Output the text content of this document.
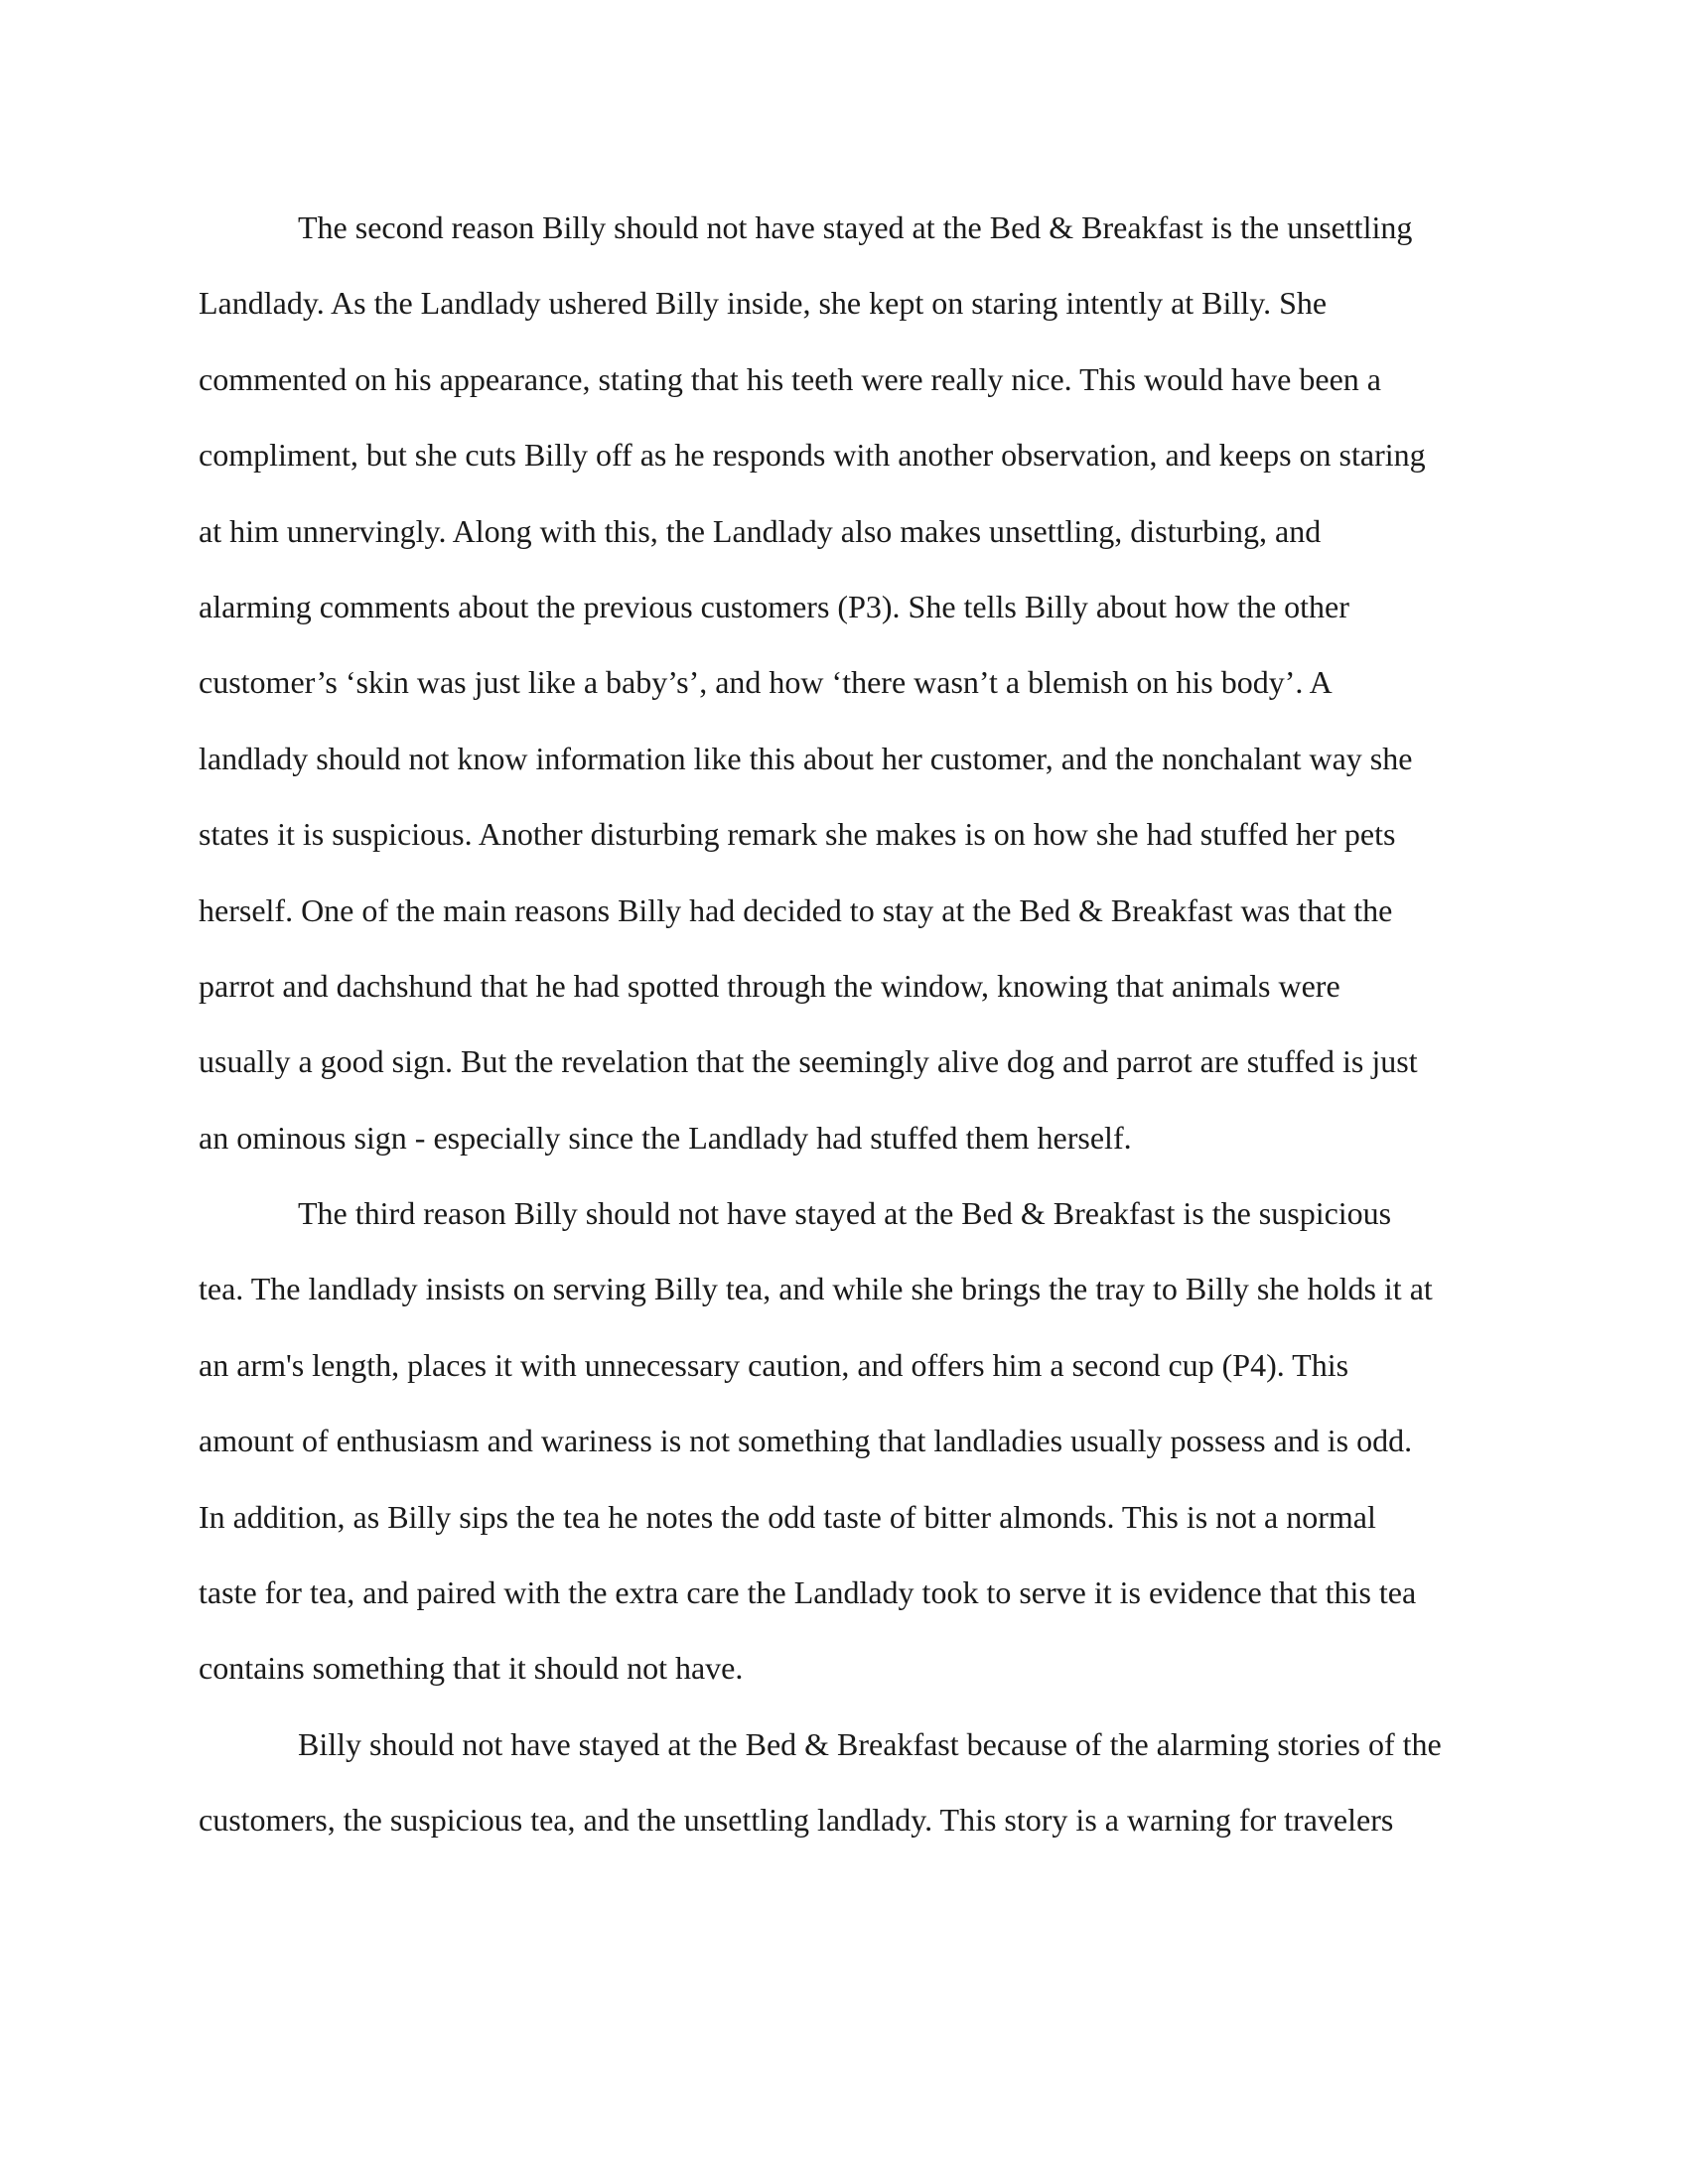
The second reason Billy should not have stayed at the Bed & Breakfast is the unsettling
Landlady. As the Landlady ushered Billy inside, she kept on staring intently at Billy. She
commented on his appearance, stating that his teeth were really nice. This would have been a
compliment, but she cuts Billy off as he responds with another observation, and keeps on staring
at him unnervingly. Along with this, the Landlady also makes unsettling, disturbing, and
alarming comments about the previous customers (P3). She tells Billy about how the other
customer’s ‘skin was just like a baby’s’, and how ‘there wasn’t a blemish on his body’. A
landlady should not know information like this about her customer, and the nonchalant way she
states it is suspicious. Another disturbing remark she makes is on how she had stuffed her pets
herself. One of the main reasons Billy had decided to stay at the Bed & Breakfast was that the
parrot and dachshund that he had spotted through the window, knowing that animals were
usually a good sign. But the revelation that the seemingly alive dog and parrot are stuffed is just
an ominous sign - especially since the Landlady had stuffed them herself.
The third reason Billy should not have stayed at the Bed & Breakfast is the suspicious
tea. The landlady insists on serving Billy tea, and while she brings the tray to Billy she holds it at
an arm's length, places it with unnecessary caution, and offers him a second cup (P4). This
amount of enthusiasm and wariness is not something that landladies usually possess and is odd.
In addition, as Billy sips the tea he notes the odd taste of bitter almonds. This is not a normal
taste for tea, and paired with the extra care the Landlady took to serve it is evidence that this tea
contains something that it should not have.
Billy should not have stayed at the Bed & Breakfast because of the alarming stories of the
customers, the suspicious tea, and the unsettling landlady. This story is a warning for travelers
